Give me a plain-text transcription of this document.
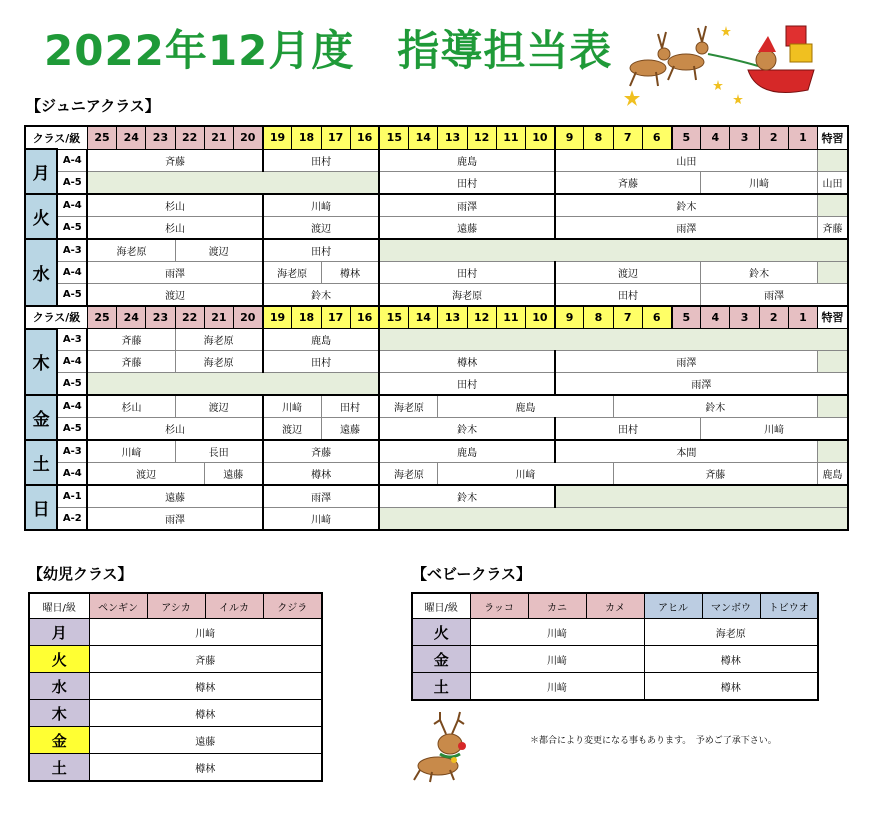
2022年12月度　指導担当表
【ジュニアクラス】
クラス/級		25	24	23	22	21	20	19	18	17	16	15	14	13	12	11	10	9	8	7	6	5	4	3	2	1	特習
月	A-4	斉藤						田村				鹿島						山田									
	A-5											田村						斉藤					川﨑				山田
火	A-4	杉山						川﨑				雨澤						鈴木									
	A-5	杉山						渡辺				遠藤						雨澤									斉藤
水	A-3	海老原			渡辺			田村																			
	A-4	雨澤						海老原		樽林		田村						渡辺					鈴木				
	A-5	渡辺						鈴木				海老原						田村					雨澤				
クラス/級		25	24	23	22	21	20	19	18	17	16	15	14	13	12	11	10	9	8	7	6	5	4	3	2	1	特習
木	A-3	斉藤			海老原			鹿島																			
	A-4	斉藤			海老原			田村				樽林						雨澤									
	A-5											田村						雨澤									
金	A-4	杉山			渡辺			川﨑		田村		海老原		鹿島						鈴木							
	A-5	杉山						渡辺		遠藤		鈴木						田村					川﨑				
土	A-3	川﨑			長田			斉藤				鹿島						本間									
	A-4	渡辺				遠藤		樽林				海老原		川﨑						斉藤							鹿島
日	A-1	遠藤						雨澤				鈴木															
	A-2	雨澤						川﨑																			
【幼児クラス】
曜日/級	ペンギン	アシカ	イルカ	クジラ
月	川﨑			
火	斉藤			
水	樽林			
木	樽林			
金	遠藤			
土	樽林			
【ベビークラス】
曜日/級	ラッコ	カニ	カメ	アヒル	マンボウ	トビウオ
火	川﨑			海老原		
金	川﨑			樽林		
土	川﨑			樽林		
＊都合により変更になる事もあります。　予めご了承下さい。
